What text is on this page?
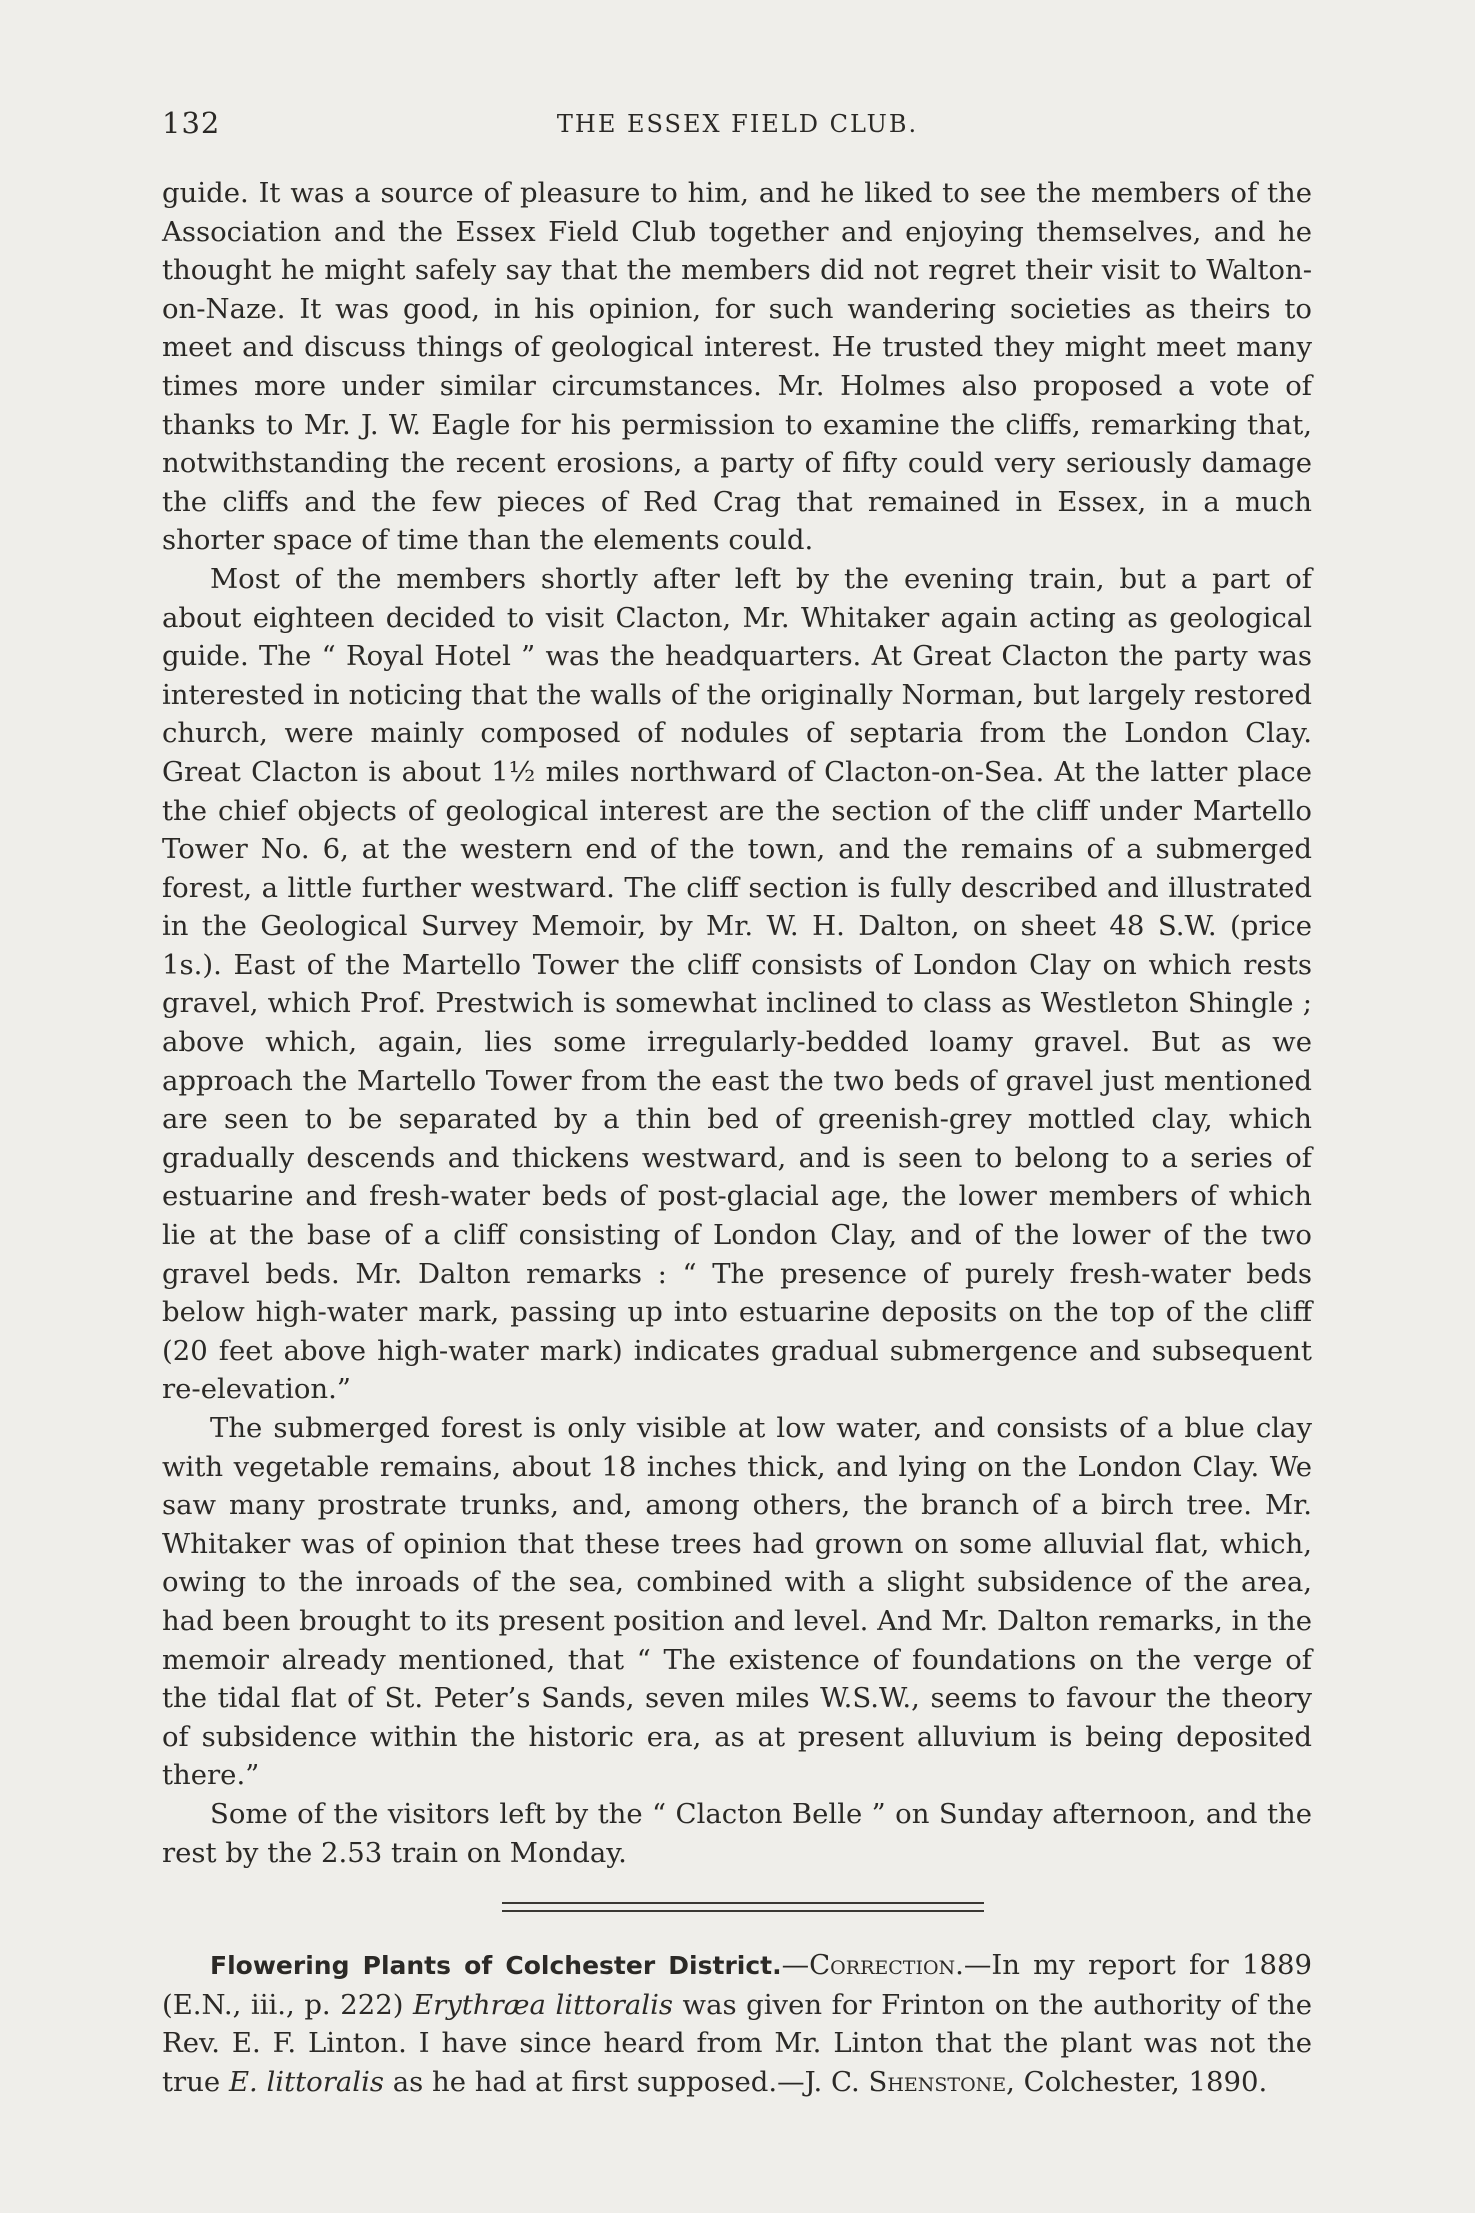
132	THE ESSEX FIELD CLUB.

guide. It was a source of pleasure to him, and he liked to see the members of the Association and the Essex Field Club together and enjoying themselves, and he thought he might safely say that the members did not regret their visit to Walton-on-Naze. It was good, in his opinion, for such wandering societies as theirs to meet and discuss things of geological interest. He trusted they might meet many times more under similar circumstances. Mr. Holmes also proposed a vote of thanks to Mr. J. W. Eagle for his permission to examine the cliffs, remarking that, notwithstanding the recent erosions, a party of fifty could very seriously damage the cliffs and the few pieces of Red Crag that remained in Essex, in a much shorter space of time than the elements could.

Most of the members shortly after left by the evening train, but a part of about eighteen decided to visit Clacton, Mr. Whitaker again acting as geological guide. The “ Royal Hotel ” was the headquarters. At Great Clacton the party was interested in noticing that the walls of the originally Norman, but largely restored church, were mainly composed of nodules of septaria from the London Clay. Great Clacton is about 1½ miles northward of Clacton-on-Sea. At the latter place the chief objects of geological interest are the section of the cliff under Martello Tower No. 6, at the western end of the town, and the remains of a submerged forest, a little further westward. The cliff section is fully described and illustrated in the Geological Survey Memoir, by Mr. W. H. Dalton, on sheet 48 S.W. (price 1s.). East of the Martello Tower the cliff consists of London Clay on which rests gravel, which Prof. Prestwich is somewhat inclined to class as Westleton Shingle ; above which, again, lies some irregularly-bedded loamy gravel. But as we approach the Martello Tower from the east the two beds of gravel just mentioned are seen to be separated by a thin bed of greenish-grey mottled clay, which gradually descends and thickens westward, and is seen to belong to a series of estuarine and fresh-water beds of post-glacial age, the lower members of which lie at the base of a cliff consisting of London Clay, and of the lower of the two gravel beds. Mr. Dalton remarks : “ The presence of purely fresh-water beds below high-water mark, passing up into estuarine deposits on the top of the cliff (20 feet above high-water mark) indicates gradual submergence and subsequent re-elevation.”

The submerged forest is only visible at low water, and consists of a blue clay with vegetable remains, about 18 inches thick, and lying on the London Clay. We saw many prostrate trunks, and, among others, the branch of a birch tree. Mr. Whitaker was of opinion that these trees had grown on some alluvial flat, which, owing to the inroads of the sea, combined with a slight subsidence of the area, had been brought to its present position and level. And Mr. Dalton remarks, in the memoir already mentioned, that “ The existence of foundations on the verge of the tidal flat of St. Peter’s Sands, seven miles W.S.W., seems to favour the theory of subsidence within the historic era, as at present alluvium is being deposited there.”

Some of the visitors left by the “ Clacton Belle ” on Sunday afternoon, and the rest by the 2.53 train on Monday.

Flowering Plants of Colchester District.—Correction.—In my report for 1889 (E.N., iii., p. 222) Erythræa littoralis was given for Frinton on the authority of the Rev. E. F. Linton. I have since heard from Mr. Linton that the plant was not the true E. littoralis as he had at first supposed.—J. C. Shenstone, Colchester, 1890.
